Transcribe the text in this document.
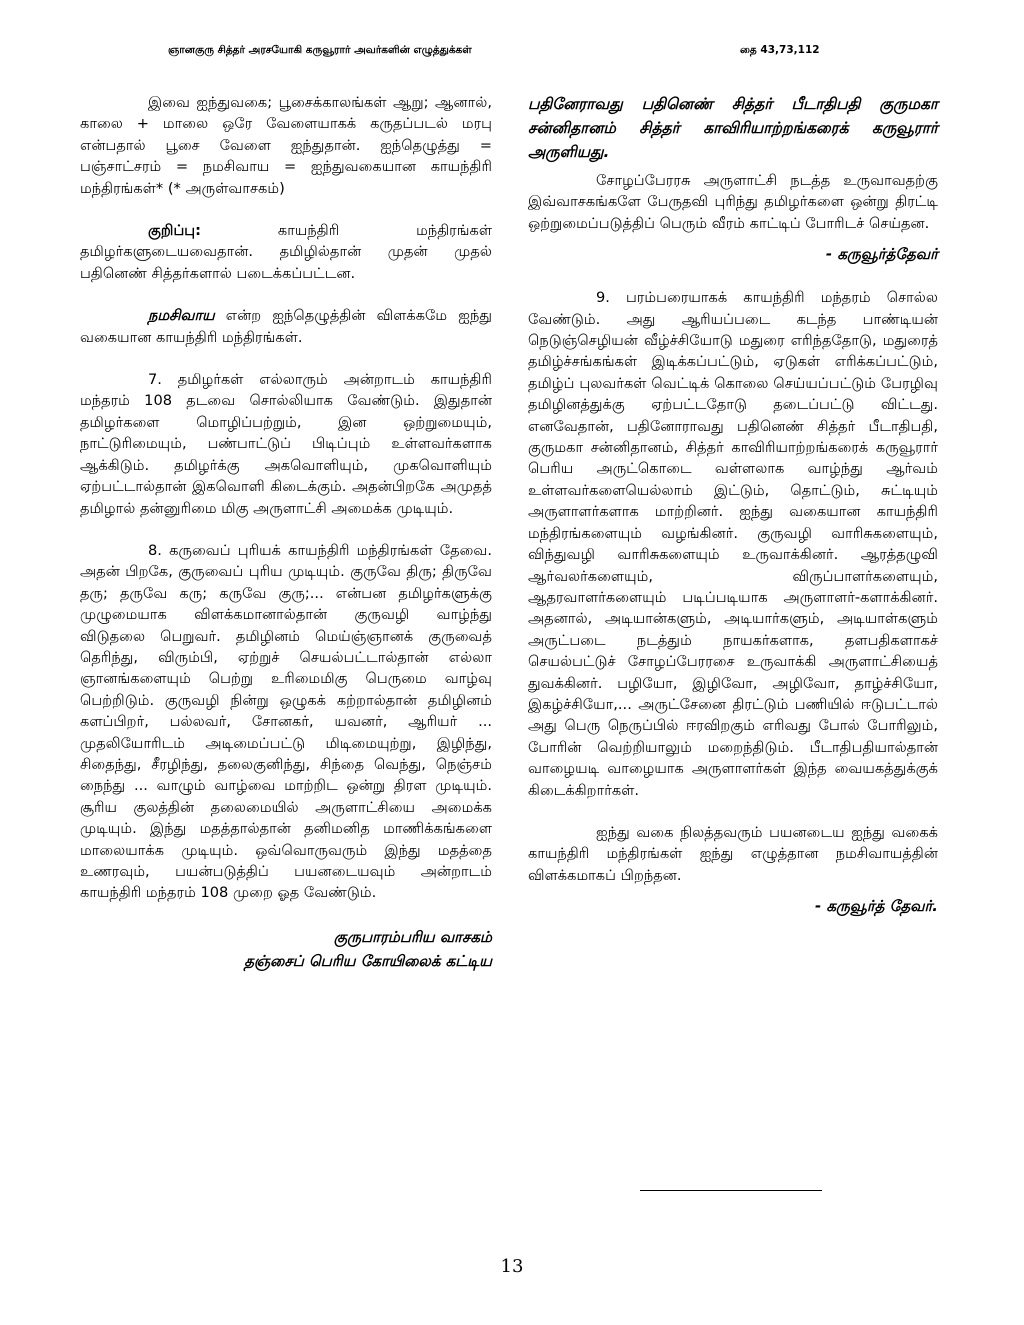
ஞானகுரு சித்தர் அரசயோகி கருவூரார் அவர்களின் எழுத்துக்கள்	தை 43,73,112

இவை ஐந்துவகை; பூசைக்காலங்கள் ஆறு; ஆனால், காலை + மாலை ஒரே வேளையாகக் கருதப்படல் மரபு என்பதால் பூசை வேளை ஐந்துதான். ஐந்தெழுத்து = பஞ்சாட்சரம் = நமசிவாய = ஐந்துவகையான காயந்திரி மந்திரங்கள்* (* அருள்வாசகம்)

குறிப்பு:	காயந்திரி மந்திரங்கள் தமிழர்களுடையவைதான். தமிழில்தான் முதன் முதல் பதினெண் சித்தர்களால் படைக்கப்பட்டன.

நமசிவாய என்ற ஐந்தெழுத்தின் விளக்கமே ஐந்து வகையான காயந்திரி மந்திரங்கள்.

7. தமிழர்கள் எல்லாரும் அன்றாடம் காயந்திரி மந்தரம் 108 தடவை சொல்லியாக வேண்டும். இதுதான் தமிழர்களை மொழிப்பற்றும், இன ஒற்றுமையும், நாட்டுரிமையும், பண்பாட்டுப் பிடிப்பும் உள்ளவர்களாக ஆக்கிடும். தமிழர்க்கு அகவொளியும், முகவொளியும் ஏற்பட்டால்தான் இகவொளி கிடைக்கும். அதன்பிறகே அமுதத் தமிழால் தன்னுரிமை மிகு அருளாட்சி அமைக்க முடியும்.

8. கருவைப் புரியக் காயந்திரி மந்திரங்கள் தேவை. அதன் பிறகே, குருவைப் புரிய முடியும். குருவே திரு; திருவே தரு; தருவே கரு; கருவே குரு;... என்பன தமிழர்களுக்கு முழுமையாக விளக்கமானால்தான் குருவழி வாழ்ந்து விடுதலை பெறுவர். தமிழினம் மெய்ஞ்ஞானக் குருவைத் தெரிந்து, விரும்பி, ஏற்றுச் செயல்பட்டால்தான் எல்லா ஞானங்களையும் பெற்று உரிமைமிகு பெருமை வாழ்வு பெற்றிடும். குருவழி நின்று ஒழுகக் கற்றால்தான் தமிழினம் களப்பிறர், பல்லவர், சோனகர், யவனர், ஆரியர் ... முதலியோரிடம் அடிமைப்பட்டு மிடிமையுற்று, இழிந்து, சிதைந்து, சீரழிந்து, தலைகுனிந்து, சிந்தை வெந்து, நெஞ்சம் நைந்து ... வாழும் வாழ்வை மாற்றிட ஒன்று திரள முடியும். சூரிய குலத்தின் தலைமையில் அருளாட்சியை அமைக்க முடியும். இந்து மதத்தால்தான் தனிமனித மாணிக்கங்களை மாலையாக்க முடியும். ஒவ்வொருவரும் இந்து மதத்தை உணரவும், பயன்படுத்திப் பயனடையவும் அன்றாடம் காயந்திரி மந்தரம் 108 முறை ஓத வேண்டும்.

குருபாரம்பரிய வாசகம்

தஞ்சைப் பெரிய கோயிலைக் கட்டிய

பதினேராவது பதினெண் சித்தர் பீடாதிபதி குருமகா சன்னிதானம் சித்தர் காவிரியாற்றங்கரைக் கருவூரார் அருளியது.

சோழப்பேரரசு அருளாட்சி நடத்த உருவாவதற்கு இவ்வாசகங்களே பேருதவி புரிந்து தமிழர்களை ஒன்று திரட்டி ஒற்றுமைப்படுத்திப் பெரும் வீரம் காட்டிப் போரிடச் செய்தன.

- கருவூர்த்தேவர்

9. பரம்பரையாகக் காயந்திரி மந்தரம் சொல்ல வேண்டும். அது ஆரியப்படை கடந்த பாண்டியன் நெடுஞ்செழியன் வீழ்ச்சியோடு மதுரை எரிந்ததோடு, மதுரைத் தமிழ்ச்சங்கங்கள் இடிக்கப்பட்டும், ஏடுகள் எரிக்கப்பட்டும், தமிழ்ப் புலவர்கள் வெட்டிக் கொலை செய்யப்பட்டும் பேரழிவு தமிழினத்துக்கு ஏற்பட்டதோடு தடைப்பட்டு விட்டது. எனவேதான், பதினோராவது பதினெண் சித்தர் பீடாதிபதி, குருமகா சன்னிதானம், சித்தர் காவிரியாற்றங்கரைக் கருவூரார் பெரிய அருட்கொடை வள்ளலாக வாழ்ந்து ஆர்வம் உள்ளவர்களையெல்லாம் இட்டும், தொட்டும், சுட்டியும் அருளாளர்களாக மாற்றினர். ஐந்து வகையான காயந்திரி மந்திரங்களையும் வழங்கினர். குருவழி வாரிசுகளையும், விந்துவழி வாரிசுகளையும் உருவாக்கினர். ஆரத்தழுவி ஆர்வலர்களையும், விருப்பாளர்களையும், ஆதரவாளர்களையும் படிப்படியாக அருளாளர்-களாக்கினர். அதனால், அடியான்களும், அடியார்களும், அடியாள்களும் அருட்படை நடத்தும் நாயகர்களாக, தளபதிகளாகச் செயல்பட்டுச் சோழப்பேரரசை உருவாக்கி அருளாட்சியைத் துவக்கினர். பழியோ, இழிவோ, அழிவோ, தாழ்ச்சியோ, இகழ்ச்சியோ,... அருட்சேனை திரட்டும் பணியில் ஈடுபட்டால் அது பெரு நெருப்பில் ஈரவிறகும் எரிவது போல் போரிலும், போரின் வெற்றியாலும் மறைந்திடும். பீடாதிபதியால்தான் வாழையடி வாழையாக அருளாளர்கள் இந்த வையகத்துக்குக் கிடைக்கிறார்கள்.

ஐந்து வகை நிலத்தவரும் பயனடைய ஐந்து வகைக் காயந்திரி மந்திரங்கள் ஐந்து எழுத்தான நமசிவாயத்தின் விளக்கமாகப் பிறந்தன.

- கருவூர்த் தேவர்.

13
